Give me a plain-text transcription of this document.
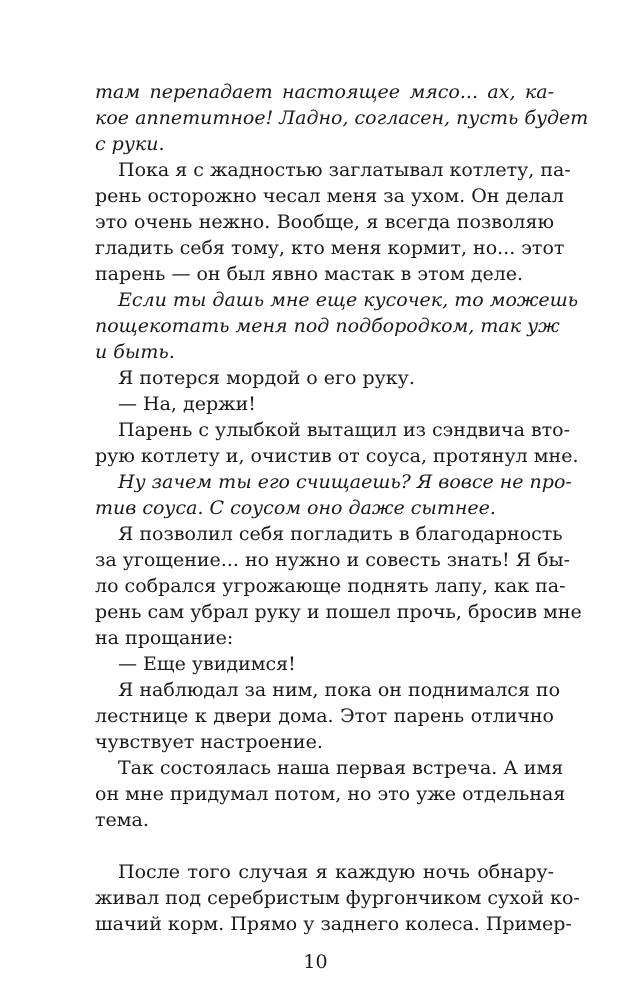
там перепадает настоящее мясо... ах, ка-
кое аппетитное! Ладно, согласен, пусть будет
с руки.
Пока я с жадностью заглатывал котлету, па-
рень осторожно чесал меня за ухом. Он делал
это очень нежно. Вообще, я всегда позволяю
гладить себя тому, кто меня кормит, но... этот
парень — он был явно мастак в этом деле.
Если ты дашь мне еще кусочек, то можешь
пощекотать меня под подбородком, так уж
и быть.
Я потерся мордой о его руку.
— На, держи!
Парень с улыбкой вытащил из сэндвича вто-
рую котлету и, очистив от соуса, протянул мне.
Ну зачем ты его счищаешь? Я вовсе не про-
тив соуса. С соусом оно даже сытнее.
Я позволил себя погладить в благодарность
за угощение... но нужно и совесть знать! Я бы-
ло собрался угрожающе поднять лапу, как па-
рень сам убрал руку и пошел прочь, бросив мне
на прощание:
— Еще увидимся!
Я наблюдал за ним, пока он поднимался по
лестнице к двери дома. Этот парень отлично
чувствует настроение.
Так состоялась наша первая встреча. А имя
он мне придумал потом, но это уже отдельная
тема.
После того случая я каждую ночь обнару-
живал под серебристым фургончиком сухой ко-
шачий корм. Прямо у заднего колеса. Пример-
10
